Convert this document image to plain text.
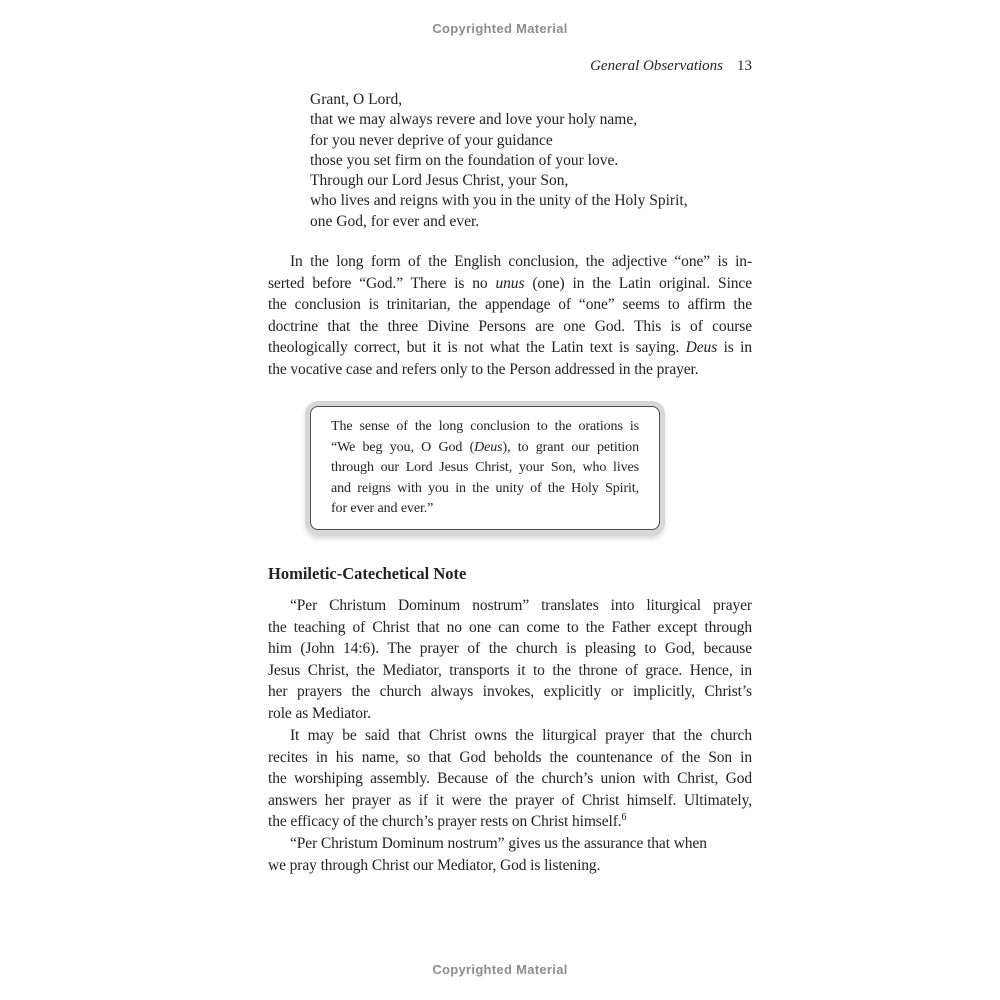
Copyrighted Material
General Observations 13
Grant, O Lord,
that we may always revere and love your holy name,
for you never deprive of your guidance
those you set firm on the foundation of your love.
Through our Lord Jesus Christ, your Son,
who lives and reigns with you in the unity of the Holy Spirit,
one God, for ever and ever.
In the long form of the English conclusion, the adjective “one” is in-
serted before “God.” There is no unus (one) in the Latin original. Since
the conclusion is trinitarian, the appendage of “one” seems to affirm the
doctrine that the three Divine Persons are one God. This is of course
theologically correct, but it is not what the Latin text is saying. Deus is in
the vocative case and refers only to the Person addressed in the prayer.
The sense of the long conclusion to the orations is
“We beg you, O God (Deus), to grant our petition
through our Lord Jesus Christ, your Son, who lives
and reigns with you in the unity of the Holy Spirit,
for ever and ever.”
Homiletic-Catechetical Note
“Per Christum Dominum nostrum” translates into liturgical prayer
the teaching of Christ that no one can come to the Father except through
him (John 14:6). The prayer of the church is pleasing to God, because
Jesus Christ, the Mediator, transports it to the throne of grace. Hence, in
her prayers the church always invokes, explicitly or implicitly, Christ’s
role as Mediator.
It may be said that Christ owns the liturgical prayer that the church
recites in his name, so that God beholds the countenance of the Son in
the worshiping assembly. Because of the church’s union with Christ, God
answers her prayer as if it were the prayer of Christ himself. Ultimately,
the efficacy of the church’s prayer rests on Christ himself.$^6$
“Per Christum Dominum nostrum” gives us the assurance that when
we pray through Christ our Mediator, God is listening.
Copyrighted Material
